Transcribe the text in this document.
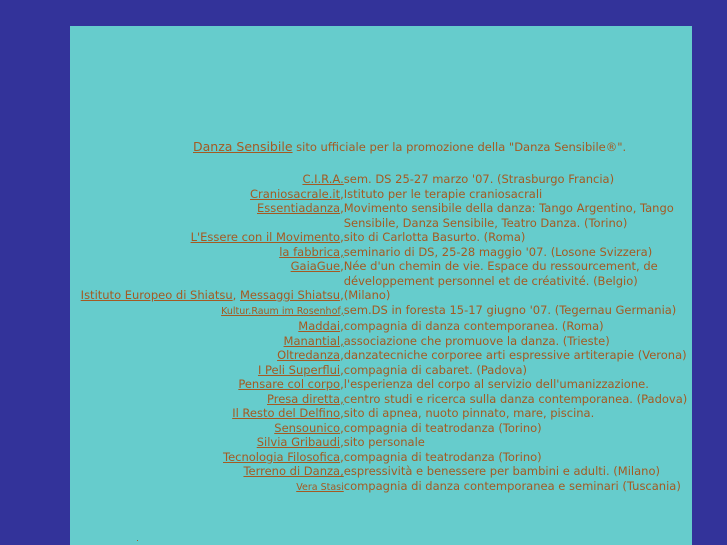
Danza Sensibile sito ufficiale per la promozione della "Danza Sensibile®".
C.I.R.A.	sem. DS 25-27 marzo '07. (Strasburgo Francia)
Craniosacrale.it,	Istituto per le terapie craniosacrali
Essentiadanza,	Movimento sensibile della danza: Tango Argentino, Tango Sensibile, Danza Sensibile, Teatro Danza. (Torino)
L'Essere con il Movimento,	sito di Carlotta Basurto. (Roma)
la fabbrica,	seminario di DS, 25-28 maggio '07. (Losone Svizzera)
GaiaGue,	Née d'un chemin de vie. Espace du ressourcement, de développement personnel et de créativité. (Belgio)
Istituto Europeo di Shiatsu, Messaggi Shiatsu,	(Milano)
Kultur.Raum im Rosenhof,	sem.DS in foresta 15-17 giugno '07. (Tegernau Germania)
Maddai,	compagnia di danza contemporanea. (Roma)
Manantial,	associazione che promuove la danza. (Trieste)
Oltredanza,	danzatecniche corporee arti espressive artiterapie (Verona)
I Peli Superflui,	compagnia di cabaret. (Padova)
Pensare col corpo,	l'esperienza del corpo al servizio dell'umanizzazione.
Presa diretta,	centro studi e ricerca sulla danza contemporanea. (Padova)
Il Resto del Delfino,	sito di apnea, nuoto pinnato, mare, piscina.
Sensounico,	compagnia di teatrodanza (Torino)
Silvia Gribaudi,	sito personale
Tecnologia Filosofica,	compagnia di teatrodanza (Torino)
Terreno di Danza,	espressività e benessere per bambini e adulti. (Milano)
Vera Stasi	compagnia di danza contemporanea e seminari (Tuscania)
